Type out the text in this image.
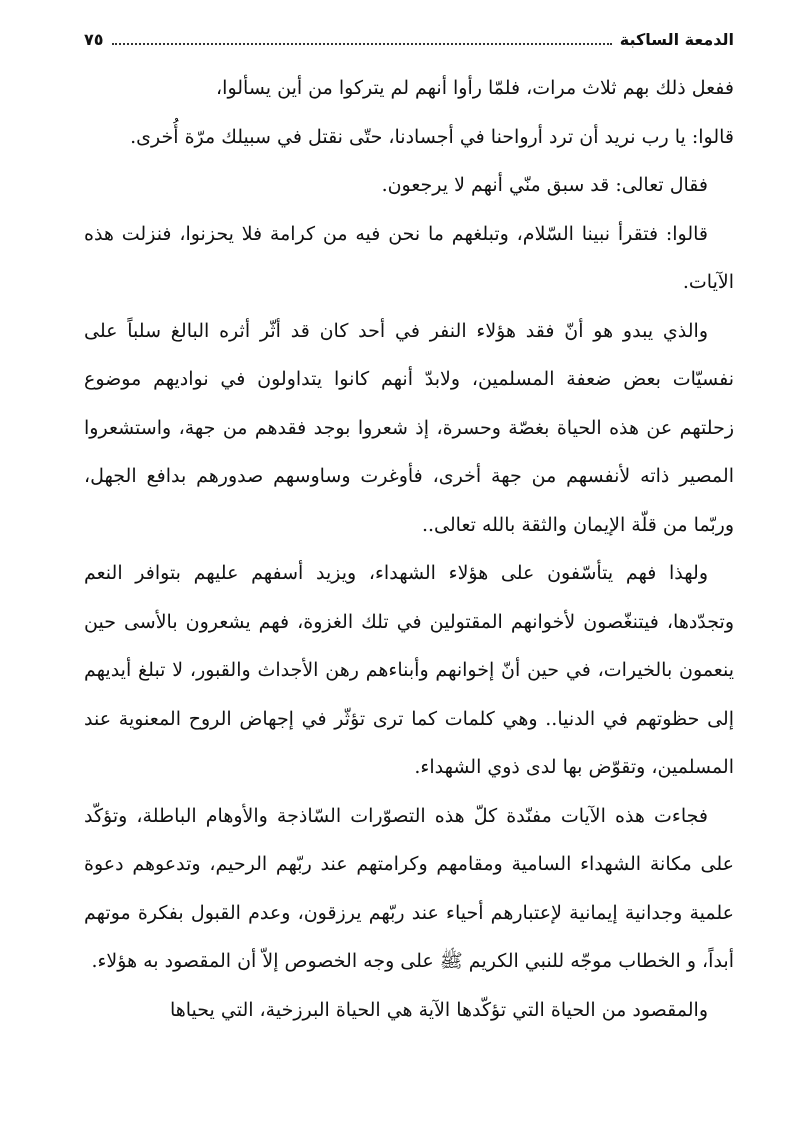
الدمعة الساكبة
٧٥

ففعل ذلك بهم ثلاث مرات، فلمّا رأوا أنهم لم يتركوا من أين يسألوا،

قالوا: يا رب نريد أن ترد أرواحنا في أجسادنا، حتّى نقتل في سبيلك مرّة أُخرى.

فقال تعالى: قد سبق منّي أنهم لا يرجعون.

قالوا: فتقرأ نبينا السّلام، وتبلغهم ما نحن فيه من كرامة فلا يحزنوا، فنزلت هذه الآيات.

والذي يبدو هو أنّ فقد هؤلاء النفر في أحد كان قد أثّر أثره البالغ سلباً على نفسيّات بعض ضعفة المسلمين، ولابدّ أنهم كانوا يتداولون في نواديهم موضوع زحلتهم عن هذه الحياة بغصّة وحسرة، إذ شعروا بوجد فقدهم من جهة، واستشعروا المصير ذاته لأنفسهم من جهة أخرى، فأوغرت وساوسهم صدورهم بدافع الجهل، وربّما من قلّة الإيمان والثقة بالله تعالى..

ولهذا فهم يتأسّفون على هؤلاء الشهداء، ويزيد أسفهم عليهم بتوافر النعم وتجدّدها، فيتنغّصون لأخوانهم المقتولين في تلك الغزوة، فهم يشعرون بالأسى حين ينعمون بالخيرات، في حين أنّ إخوانهم وأبناءهم رهن الأجداث والقبور، لا تبلغ أيديهم إلى حظوتهم في الدنيا.. وهي كلمات كما ترى تؤثّر في إجهاض الروح المعنوية عند المسلمين، وتقوّض بها لدى ذوي الشهداء.

فجاءت هذه الآيات مفنّدة كلّ هذه التصوّرات السّاذجة والأوهام الباطلة، وتؤكّد على مكانة الشهداء السامية ومقامهم وكرامتهم عند ربّهم الرحيم، وتدعوهم دعوة علمية وجدانية إيمانية لإعتبارهم أحياء عند ربّهم يرزقون، وعدم القبول بفكرة موتهم أبداً، و الخطاب موجّه للنبي الكريم ﷺ على وجه الخصوص إلاّ أن المقصود به هؤلاء.

والمقصود من الحياة التي تؤكّدها الآية هي الحياة البرزخية، التي يحياها
